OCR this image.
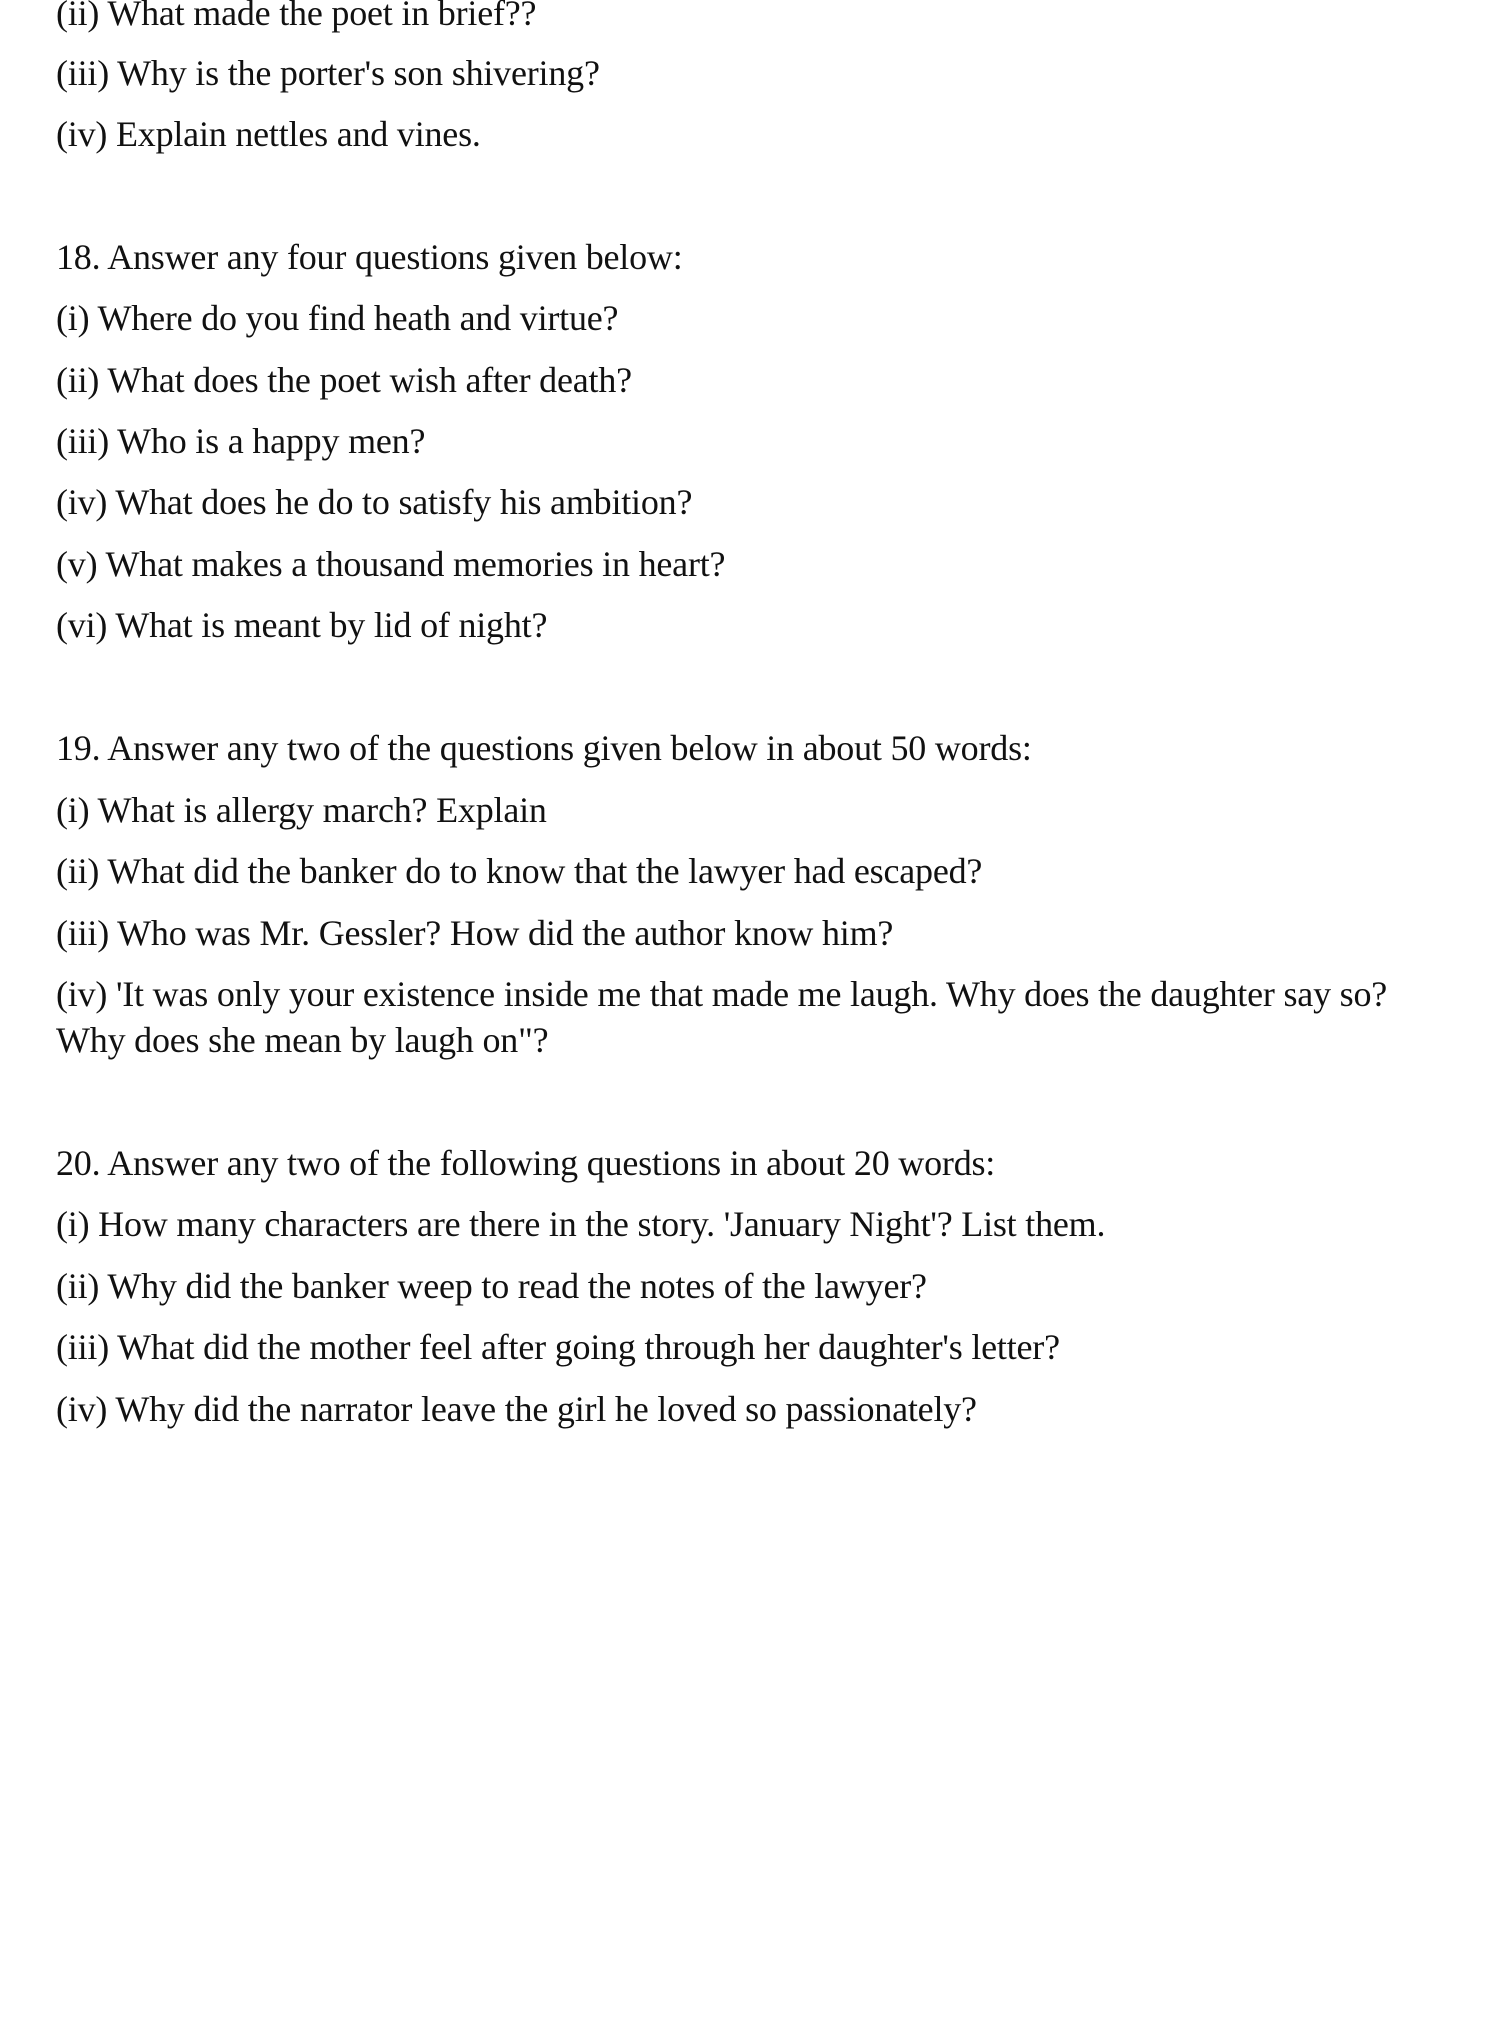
(ii) What made the poet in brief??
(iii) Why is the porter's son shivering?
(iv) Explain nettles and vines.
18. Answer any four questions given below:
(i) Where do you find heath and virtue?
(ii) What does the poet wish after death?
(iii) Who is a happy men?
(iv) What does he do to satisfy his ambition?
(v) What makes a thousand memories in heart?
(vi) What is meant by lid of night?
19. Answer any two of the questions given below in about 50 words:
(i) What is allergy march? Explain
(ii) What did the banker do to know that the lawyer had escaped?
(iii) Who was Mr. Gessler? How did the author know him?
(iv) 'It was only your existence inside me that made me laugh. Why does the daughter say so? Why does she mean by laugh on"?
20. Answer any two of the following questions in about 20 words:
(i) How many characters are there in the story. 'January Night'? List them.
(ii) Why did the banker weep to read the notes of the lawyer?
(iii) What did the mother feel after going through her daughter's letter?
(iv) Why did the narrator leave the girl he loved so passionately?
